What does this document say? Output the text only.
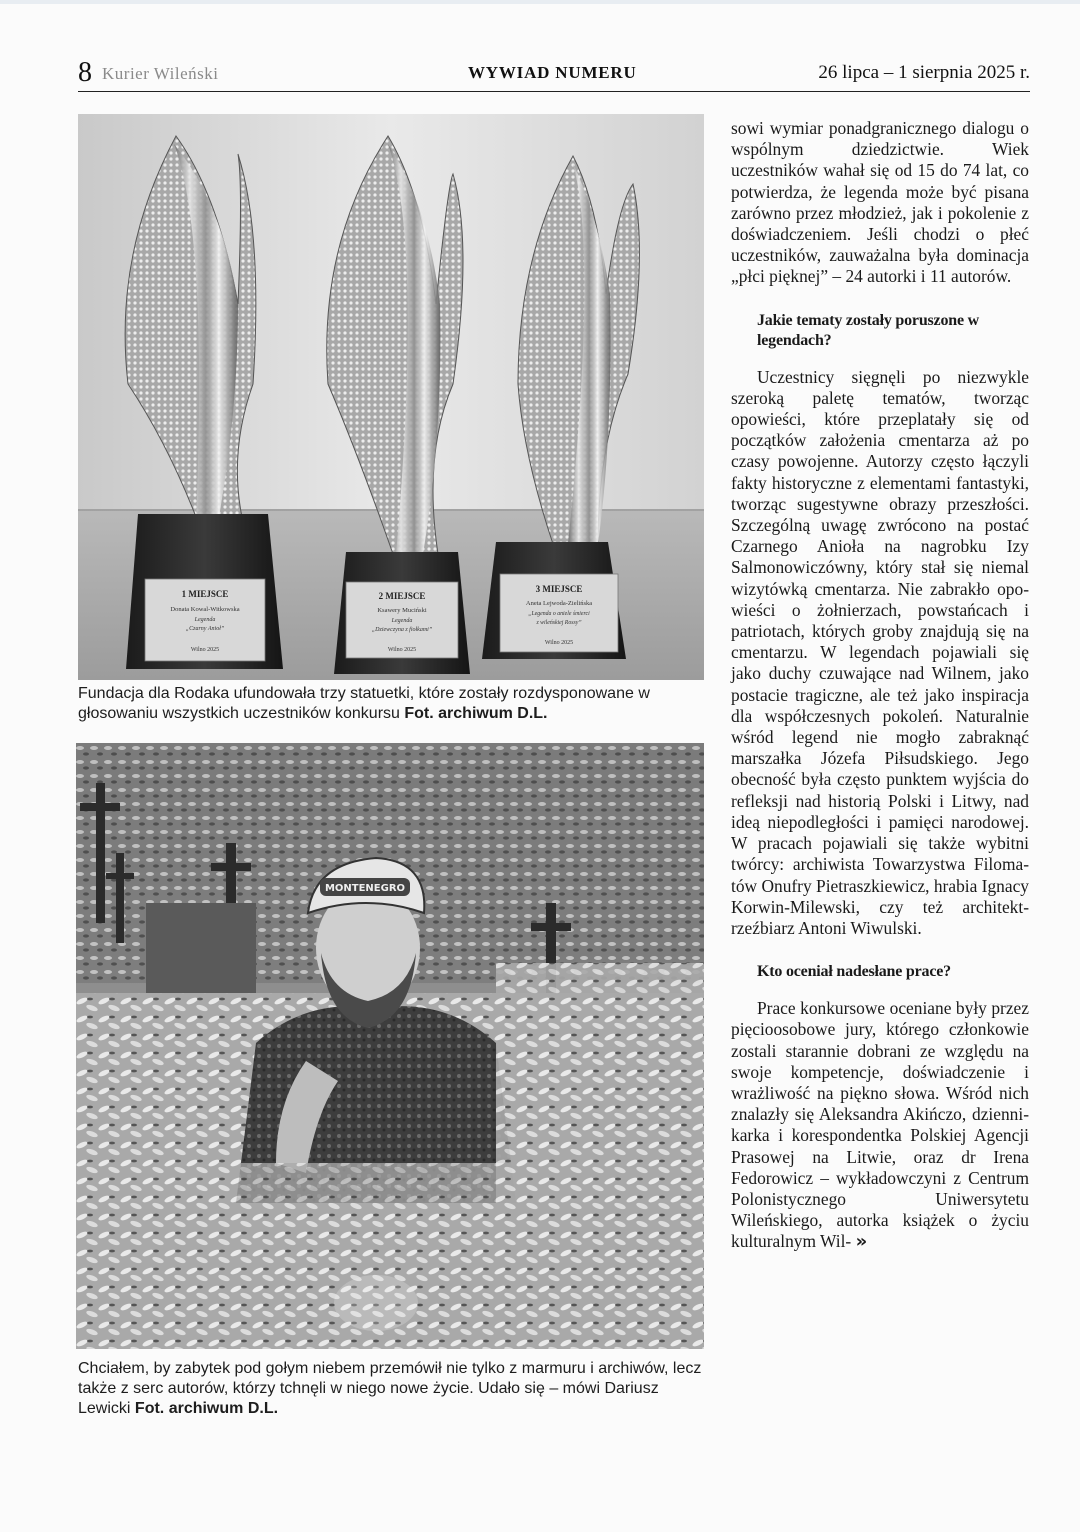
8 Kurier Wileński	WYWIAD NUMERU	26 lipca – 1 sierpnia 2025 r.
1 MIEJSCE
Donata Kowal-Witkowska
Legenda
„Czarny Anioł”
Wilno 2025
2 MIEJSCE
Ksawery Muciński
Legenda
„Dziewczyna z fiołkami”
Wilno 2025
3 MIEJSCE
Aneta Lejwoda-Zielińska
„Legenda o aniele śmierci
z wileńskiej Rossy”
Wilno 2025
Fundacja dla Rodaka ufundowała trzy statuetki, które zostały rozdysponowane w głosowaniu wszystkich uczestników konkursu Fot. archiwum D.L.
MONTENEGRO
Chciałem, by zabytek pod gołym niebem przemówił nie tylko z marmuru i archiwów, lecz także z serc autorów, którzy tchnęli w niego nowe życie. Udało się – mówi Dariusz Lewicki Fot. archiwum D.L.

sowi wymiar ponadgranicznego dialogu o wspólnym dziedzictwie. Wiek uczestników wahał się od 15 do 74 lat, co potwierdza, że legenda może być pisana zarówno przez młodzież, jak i pokolenie z doświadczeniem. Jeśli chodzi o płeć uczestników, zauważalna była dominacja „płci pięknej” – 24 autorki i 11 autorów.

Jakie tematy zostały poruszone w legendach?

Uczestnicy sięgnęli po niezwykle szeroką paletę tematów, tworząc opowieści, które przeplatały się od początków założenia cmentarza aż po czasy powojenne. Autorzy często łączyli fakty historyczne z elementami fantastyki, tworząc sugestywne obrazy przeszłości. Szczególną uwagę zwrócono na postać Czarnego Anioła na nagrobku Izy Salmonowiczówny, który stał się niemal wizytówką cmentarza. Nie zabrakło opowieści o żołnierzach, powstańcach i patriotach, których groby znajdują się na cmentarzu. W legendach pojawiali się jako duchy czuwające nad Wilnem, jako postacie tragiczne, ale też jako inspiracja dla współczesnych pokoleń. Naturalnie wśród legend nie mogło zabraknąć marszałka Józefa Piłsudskiego. Jego obecność była często punktem wyjścia do refleksji nad historią Polski i Litwy, nad ideą niepodległości i pamięci narodowej. W pracach pojawiali się także wybitni twórcy: archiwista Towarzystwa Filomatów Onufry Pietraszkiewicz, hrabia Ignacy Korwin-Milewski, czy też architekt-rzeźbiarz Antoni Wiwulski.

Kto oceniał nadesłane prace?

Prace konkursowe oceniane były przez pięcioosobowe jury, którego członkowie zostali starannie dobrani ze względu na swoje kompetencje, doświadczenie i wrażliwość na piękno słowa. Wśród nich znalazły się Aleksandra Akińczo, dziennikarka i korespondentka Polskiej Agencji Prasowej na Litwie, oraz dr Irena Fedorowicz – wykładowczyni z Centrum Polonistycznego Uniwersytetu Wileńskiego, autorka książek o życiu kulturalnym Wil- »
